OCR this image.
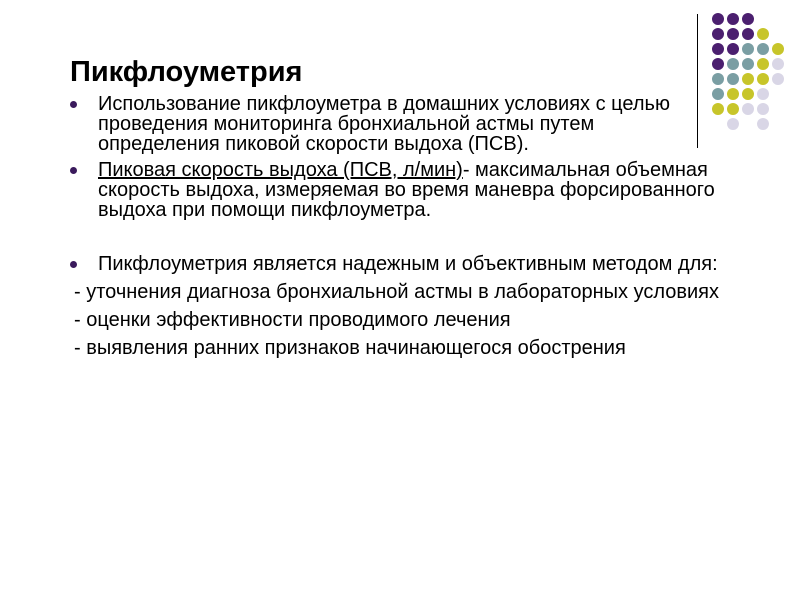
Пикфлоуметрия

Использование пикфлоуметра в домашних условиях с целью проведения мониторинга бронхиальной астмы путем определения пиковой скорости выдоха (ПСВ).

Пиковая скорость выдоха (ПСВ, л/мин)- максимальная объемная скорость выдоха, измеряемая во время маневра форсированного выдоха при помощи пикфлоуметра.

Пикфлоуметрия является надежным и объективным методом для:

- уточнения диагноза бронхиальной астмы в лабораторных условиях

- оценки эффективности проводимого лечения

- выявления ранних признаков начинающегося обострения
